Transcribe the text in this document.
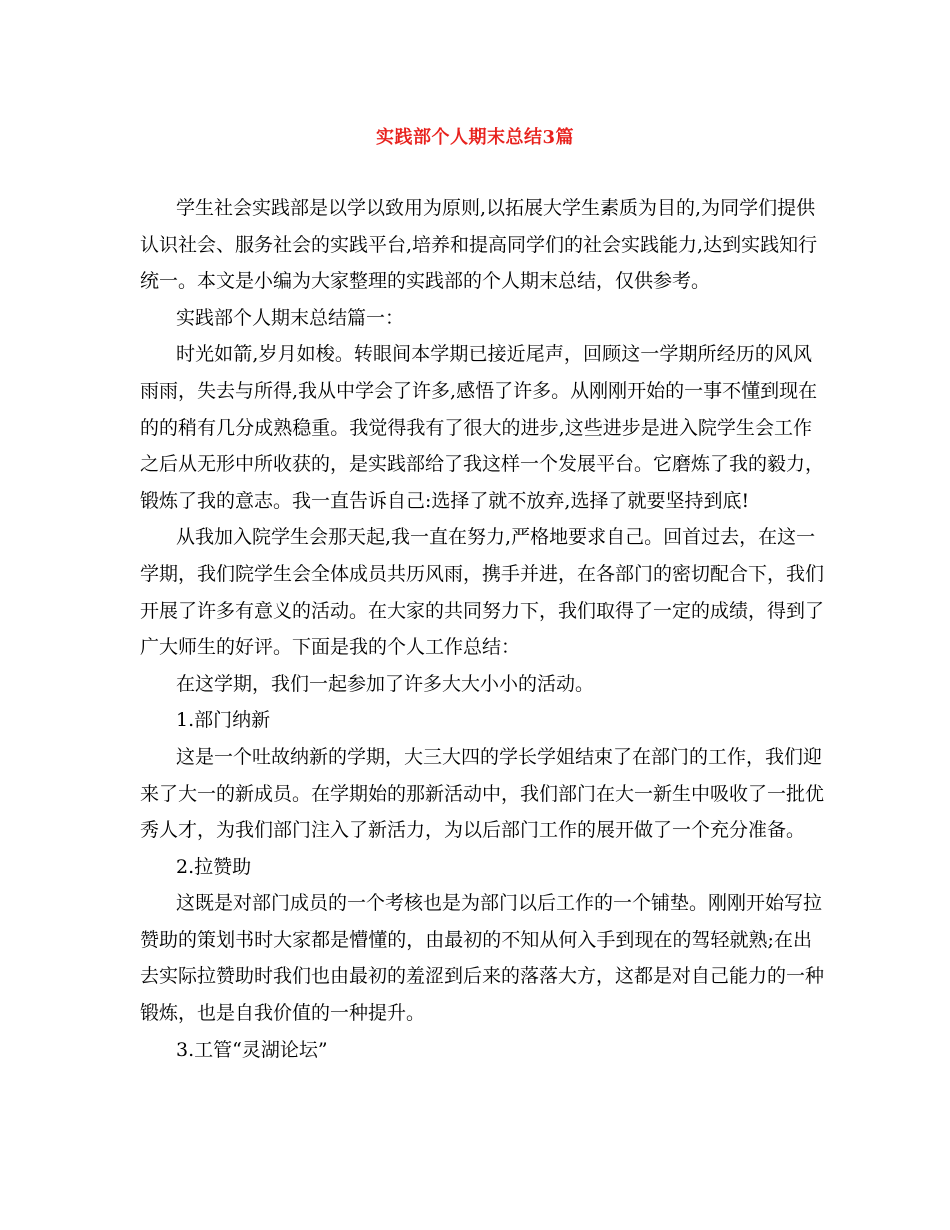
实践部个人期末总结3篇
学生社会实践部是以学以致用为原则,以拓展大学生素质为目的,为同学们提供
认识社会、服务社会的实践平台,培养和提高同学们的社会实践能力,达到实践知行
统一。本文是小编为大家整理的实践部的个人期末总结，仅供参考。
实践部个人期末总结篇一：
时光如箭,岁月如梭。转眼间本学期已接近尾声，回顾这一学期所经历的风风
雨雨，失去与所得,我从中学会了许多,感悟了许多。从刚刚开始的一事不懂到现在
的的稍有几分成熟稳重。我觉得我有了很大的进步,这些进步是进入院学生会工作
之后从无形中所收获的，是实践部给了我这样一个发展平台。它磨炼了我的毅力，
锻炼了我的意志。我一直告诉自己:选择了就不放弃,选择了就要坚持到底!
从我加入院学生会那天起,我一直在努力,严格地要求自己。回首过去，在这一
学期，我们院学生会全体成员共历风雨，携手并进，在各部门的密切配合下，我们
开展了许多有意义的活动。在大家的共同努力下，我们取得了一定的成绩，得到了
广大师生的好评。下面是我的个人工作总结：
在这学期，我们一起参加了许多大大小小的活动。
1.部门纳新
这是一个吐故纳新的学期，大三大四的学长学姐结束了在部门的工作，我们迎
来了大一的新成员。在学期始的那新活动中，我们部门在大一新生中吸收了一批优
秀人才，为我们部门注入了新活力，为以后部门工作的展开做了一个充分准备。
2.拉赞助
这既是对部门成员的一个考核也是为部门以后工作的一个铺垫。刚刚开始写拉
赞助的策划书时大家都是懵懂的，由最初的不知从何入手到现在的驾轻就熟;在出
去实际拉赞助时我们也由最初的羞涩到后来的落落大方，这都是对自己能力的一种
锻炼，也是自我价值的一种提升。
3.工管“灵湖论坛”
